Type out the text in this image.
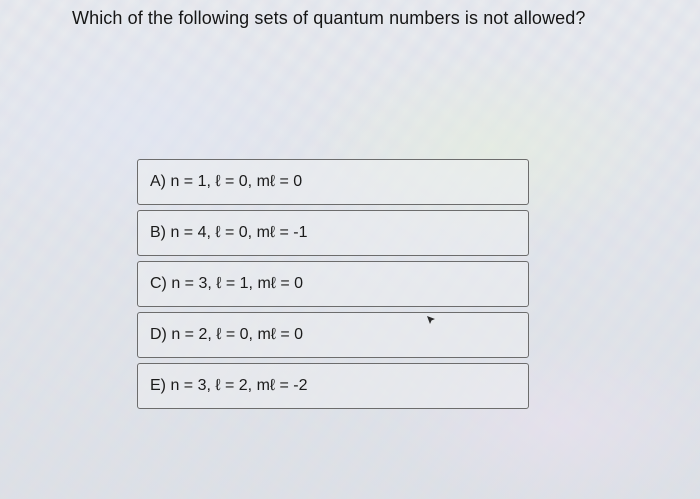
Which of the following sets of quantum numbers is not allowed?
A) n = 1, ℓ = 0, mℓ = 0
B) n = 4, ℓ = 0, mℓ = -1
C) n = 3, ℓ = 1, mℓ = 0
D) n = 2, ℓ = 0, mℓ = 0
E) n = 3, ℓ = 2, mℓ = -2
